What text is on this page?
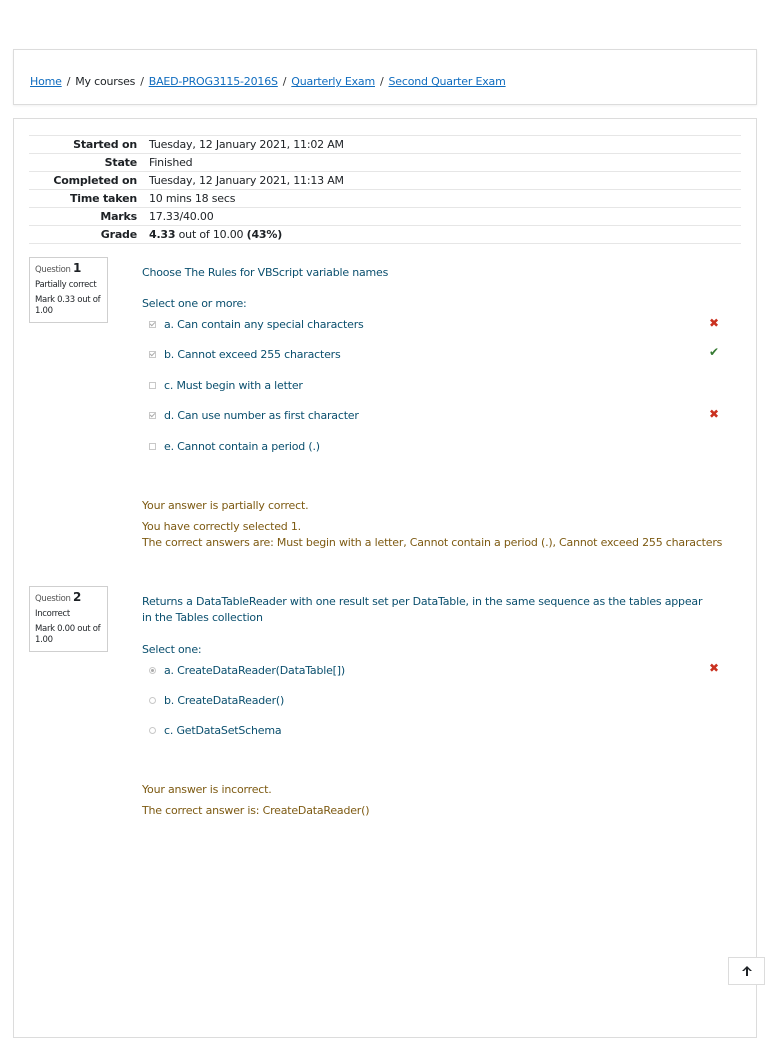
Home / My courses / BAED-PROG3115-2016S / Quarterly Exam / Second Quarter Exam
Started on	Tuesday, 12 January 2021, 11:02 AM
State	Finished
Completed on	Tuesday, 12 January 2021, 11:13 AM
Time taken	10 mins 18 secs
Marks	17.33/40.00
Grade	4.33 out of 10.00 (43%)
Question 1
Partially correct
Mark 0.33 out of 1.00
Choose The Rules for VBScript variable names
Select one or more:
a. Can contain any special characters	✖
b. Cannot exceed 255 characters	✔
c. Must begin with a letter
d. Can use number as first character	✖
e. Cannot contain a period (.)
Your answer is partially correct.
You have correctly selected 1.
The correct answers are: Must begin with a letter, Cannot contain a period (.), Cannot exceed 255 characters
Question 2
Incorrect
Mark 0.00 out of 1.00
Returns a DataTableReader with one result set per DataTable, in the same sequence as the tables appear in the Tables collection
Select one:
a. CreateDataReader(DataTable[])	✖
b. CreateDataReader()
c. GetDataSetSchema
Your answer is incorrect.
The correct answer is: CreateDataReader()
